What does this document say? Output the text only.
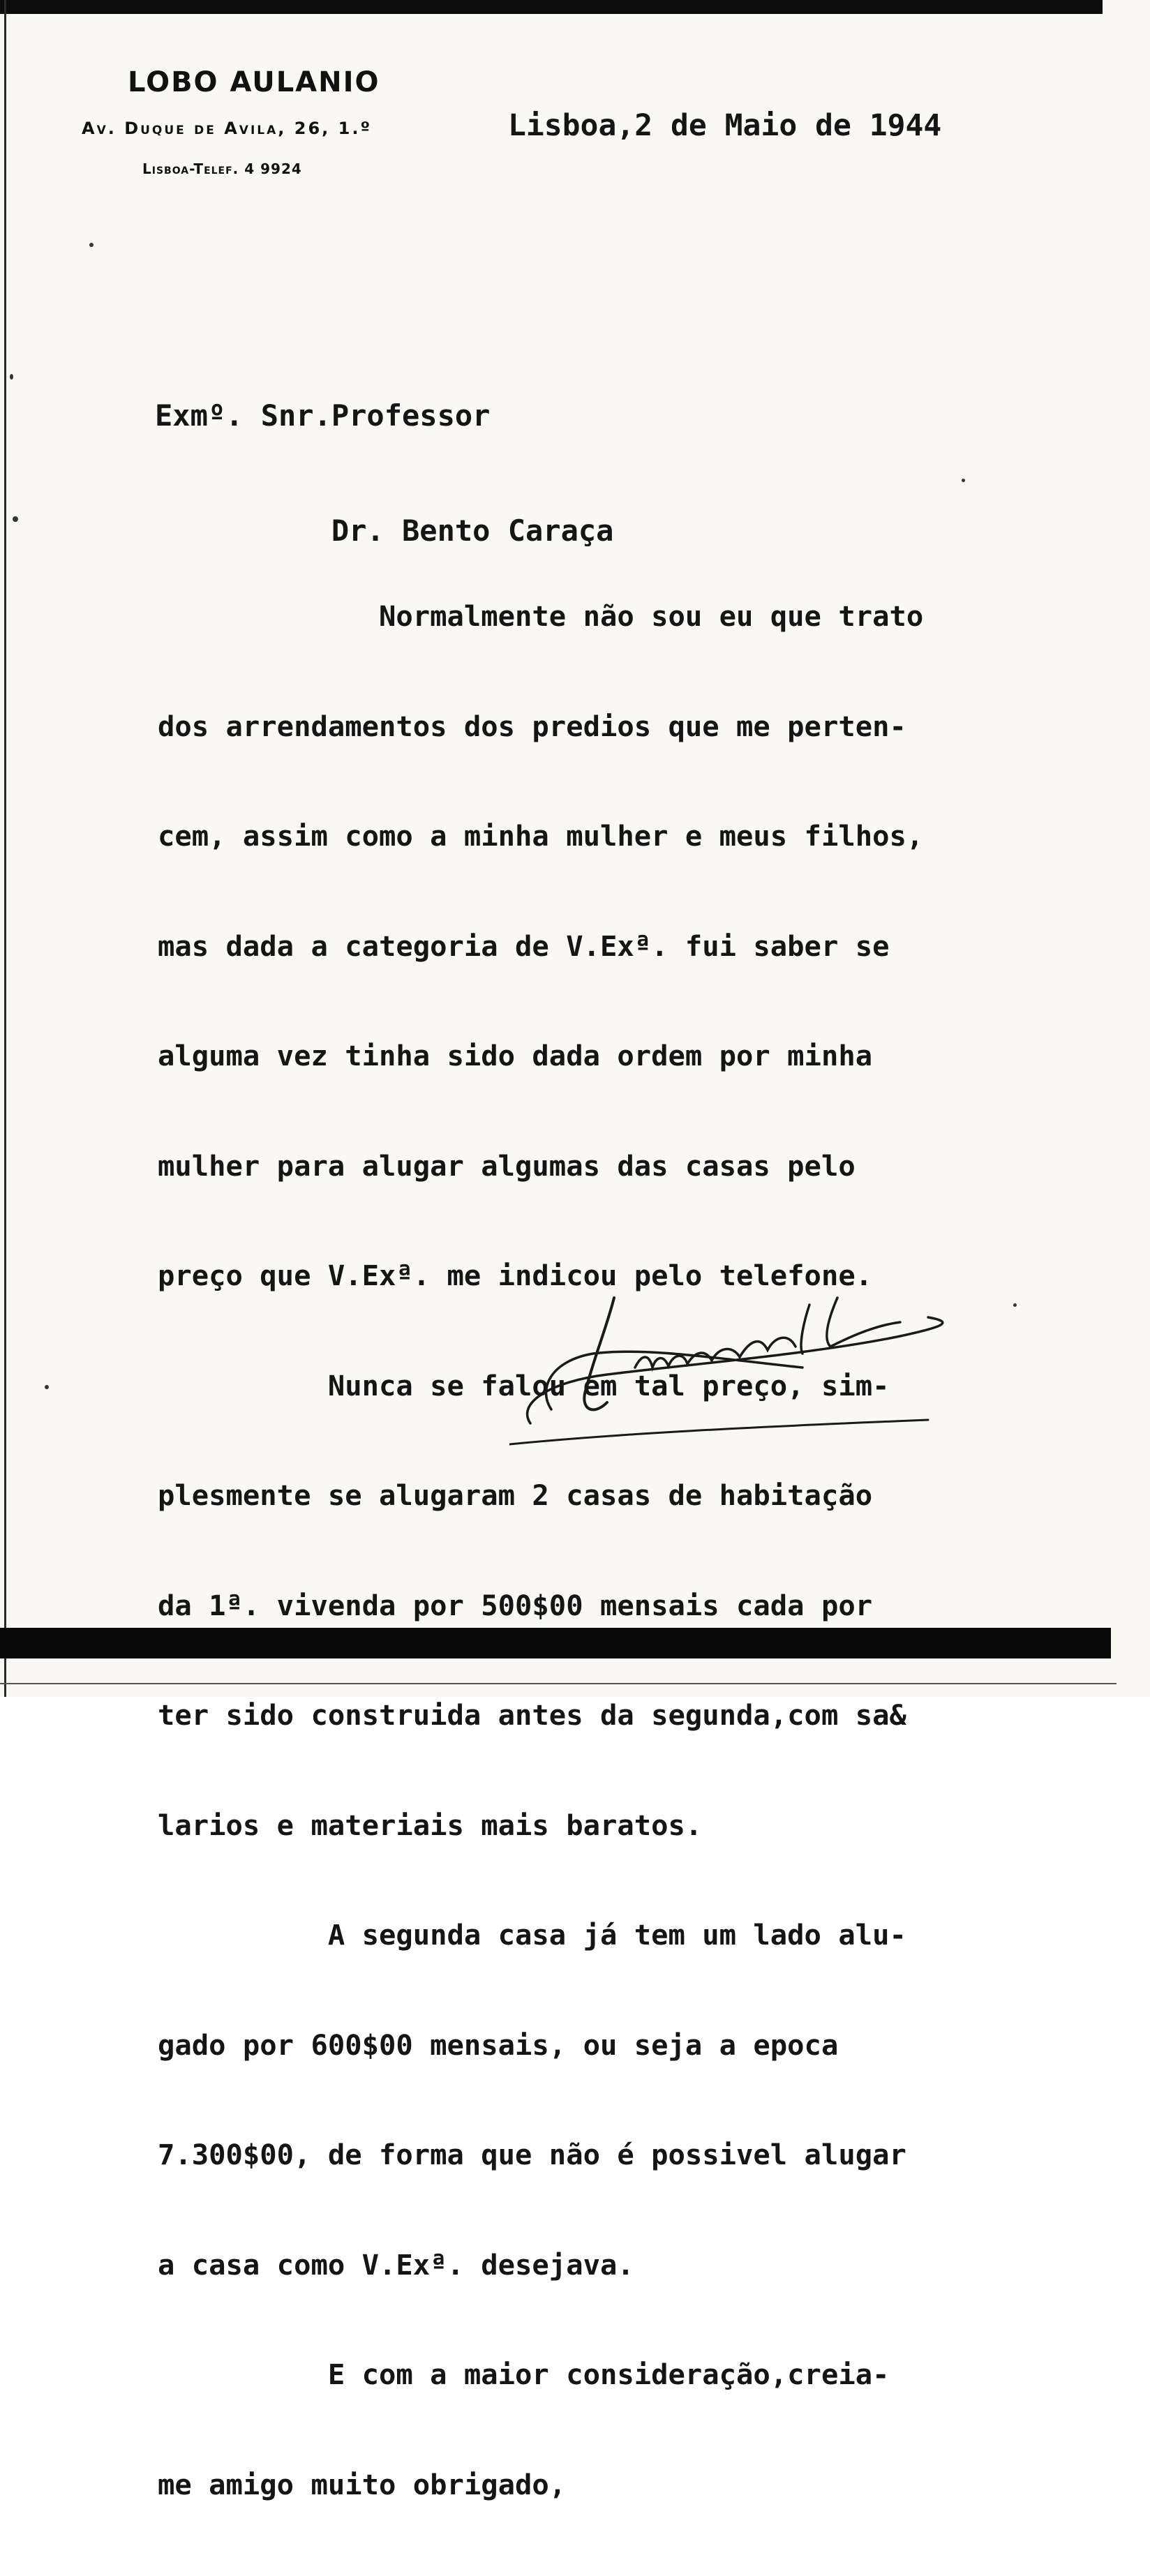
LOBO AULANIO
Av. Duque de Avila, 26, 1.º
Lisboa-Telef. 4 9924
Lisboa,2 de Maio de 1944

Exmº. Snr.Professor

Dr. Bento Caraça

Normalmente não sou eu que trato

dos arrendamentos dos predios que me perten-

cem, assim como a minha mulher e meus filhos,

mas dada a categoria de V.Exª. fui saber se

alguma vez tinha sido dada ordem por minha

mulher para alugar algumas das casas pelo

preço que V.Exª. me indicou pelo telefone.

Nunca se falou em tal preço, sim-

plesmente se alugaram 2 casas de habitação

da 1ª. vivenda por 500$00 mensais cada por

ter sido construida antes da segunda,com sa&

larios e materiais mais baratos.

A segunda casa já tem um lado alu-

gado por 600$00 mensais, ou seja a epoca

7.300$00, de forma que não é possivel alugar

a casa como V.Exª. desejava.

E com a maior consideração,creia-

me amigo muito obrigado,
